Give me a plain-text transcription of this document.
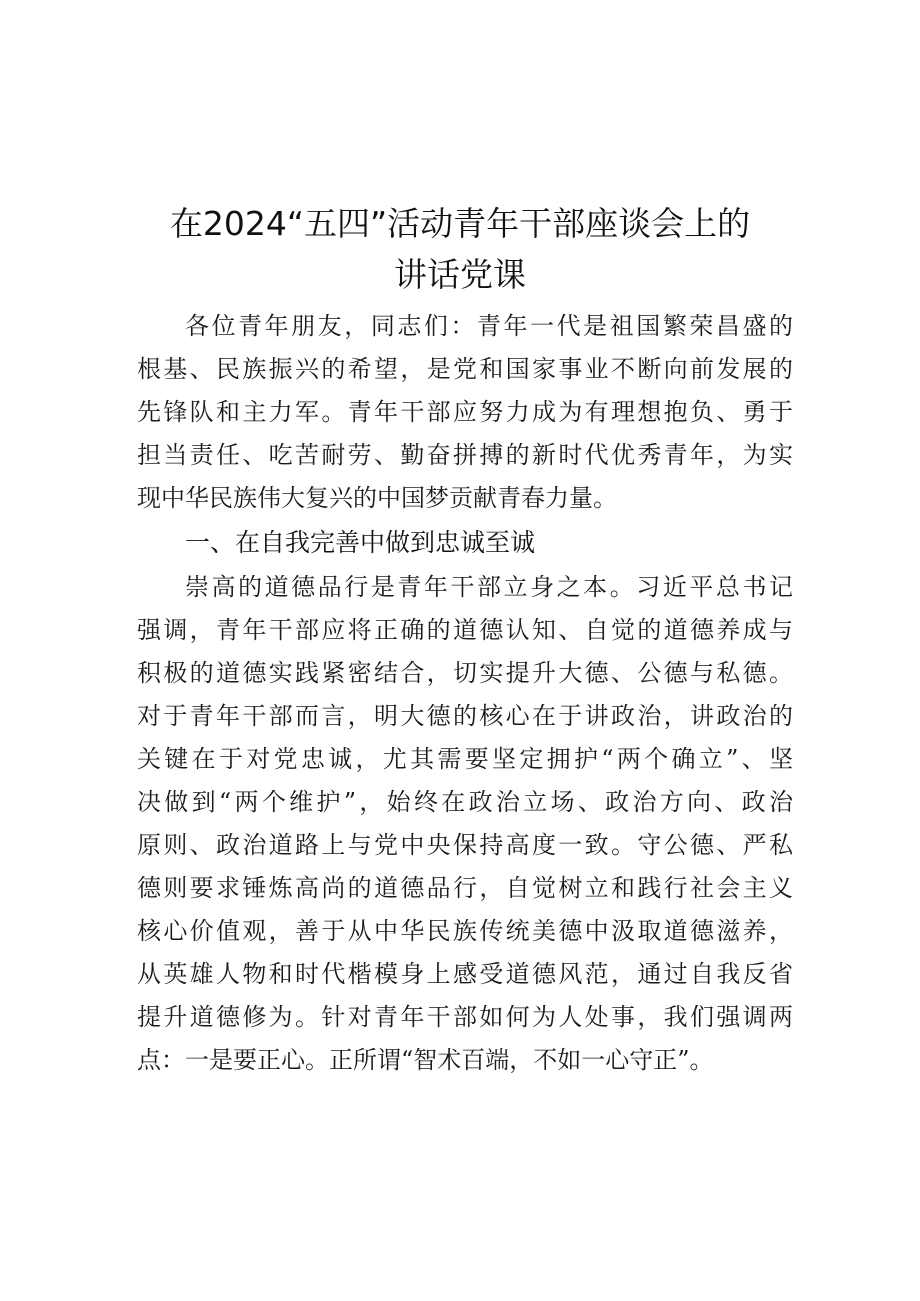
在2024“五四”活动青年干部座谈会上的
讲话党课
各位青年朋友，同志们：青年一代是祖国繁荣昌盛的
根基、民族振兴的希望，是党和国家事业不断向前发展的
先锋队和主力军。青年干部应努力成为有理想抱负、勇于
担当责任、吃苦耐劳、勤奋拼搏的新时代优秀青年，为实
现中华民族伟大复兴的中国梦贡献青春力量。
一、在自我完善中做到忠诚至诚
崇高的道德品行是青年干部立身之本。习近平总书记
强调，青年干部应将正确的道德认知、自觉的道德养成与
积极的道德实践紧密结合，切实提升大德、公德与私德。
对于青年干部而言，明大德的核心在于讲政治，讲政治的
关键在于对党忠诚，尤其需要坚定拥护“两个确立”、坚
决做到“两个维护”，始终在政治立场、政治方向、政治
原则、政治道路上与党中央保持高度一致。守公德、严私
德则要求锤炼高尚的道德品行，自觉树立和践行社会主义
核心价值观，善于从中华民族传统美德中汲取道德滋养，
从英雄人物和时代楷模身上感受道德风范，通过自我反省
提升道德修为。针对青年干部如何为人处事，我们强调两
点：一是要正心。正所谓“智术百端，不如一心守正”。
